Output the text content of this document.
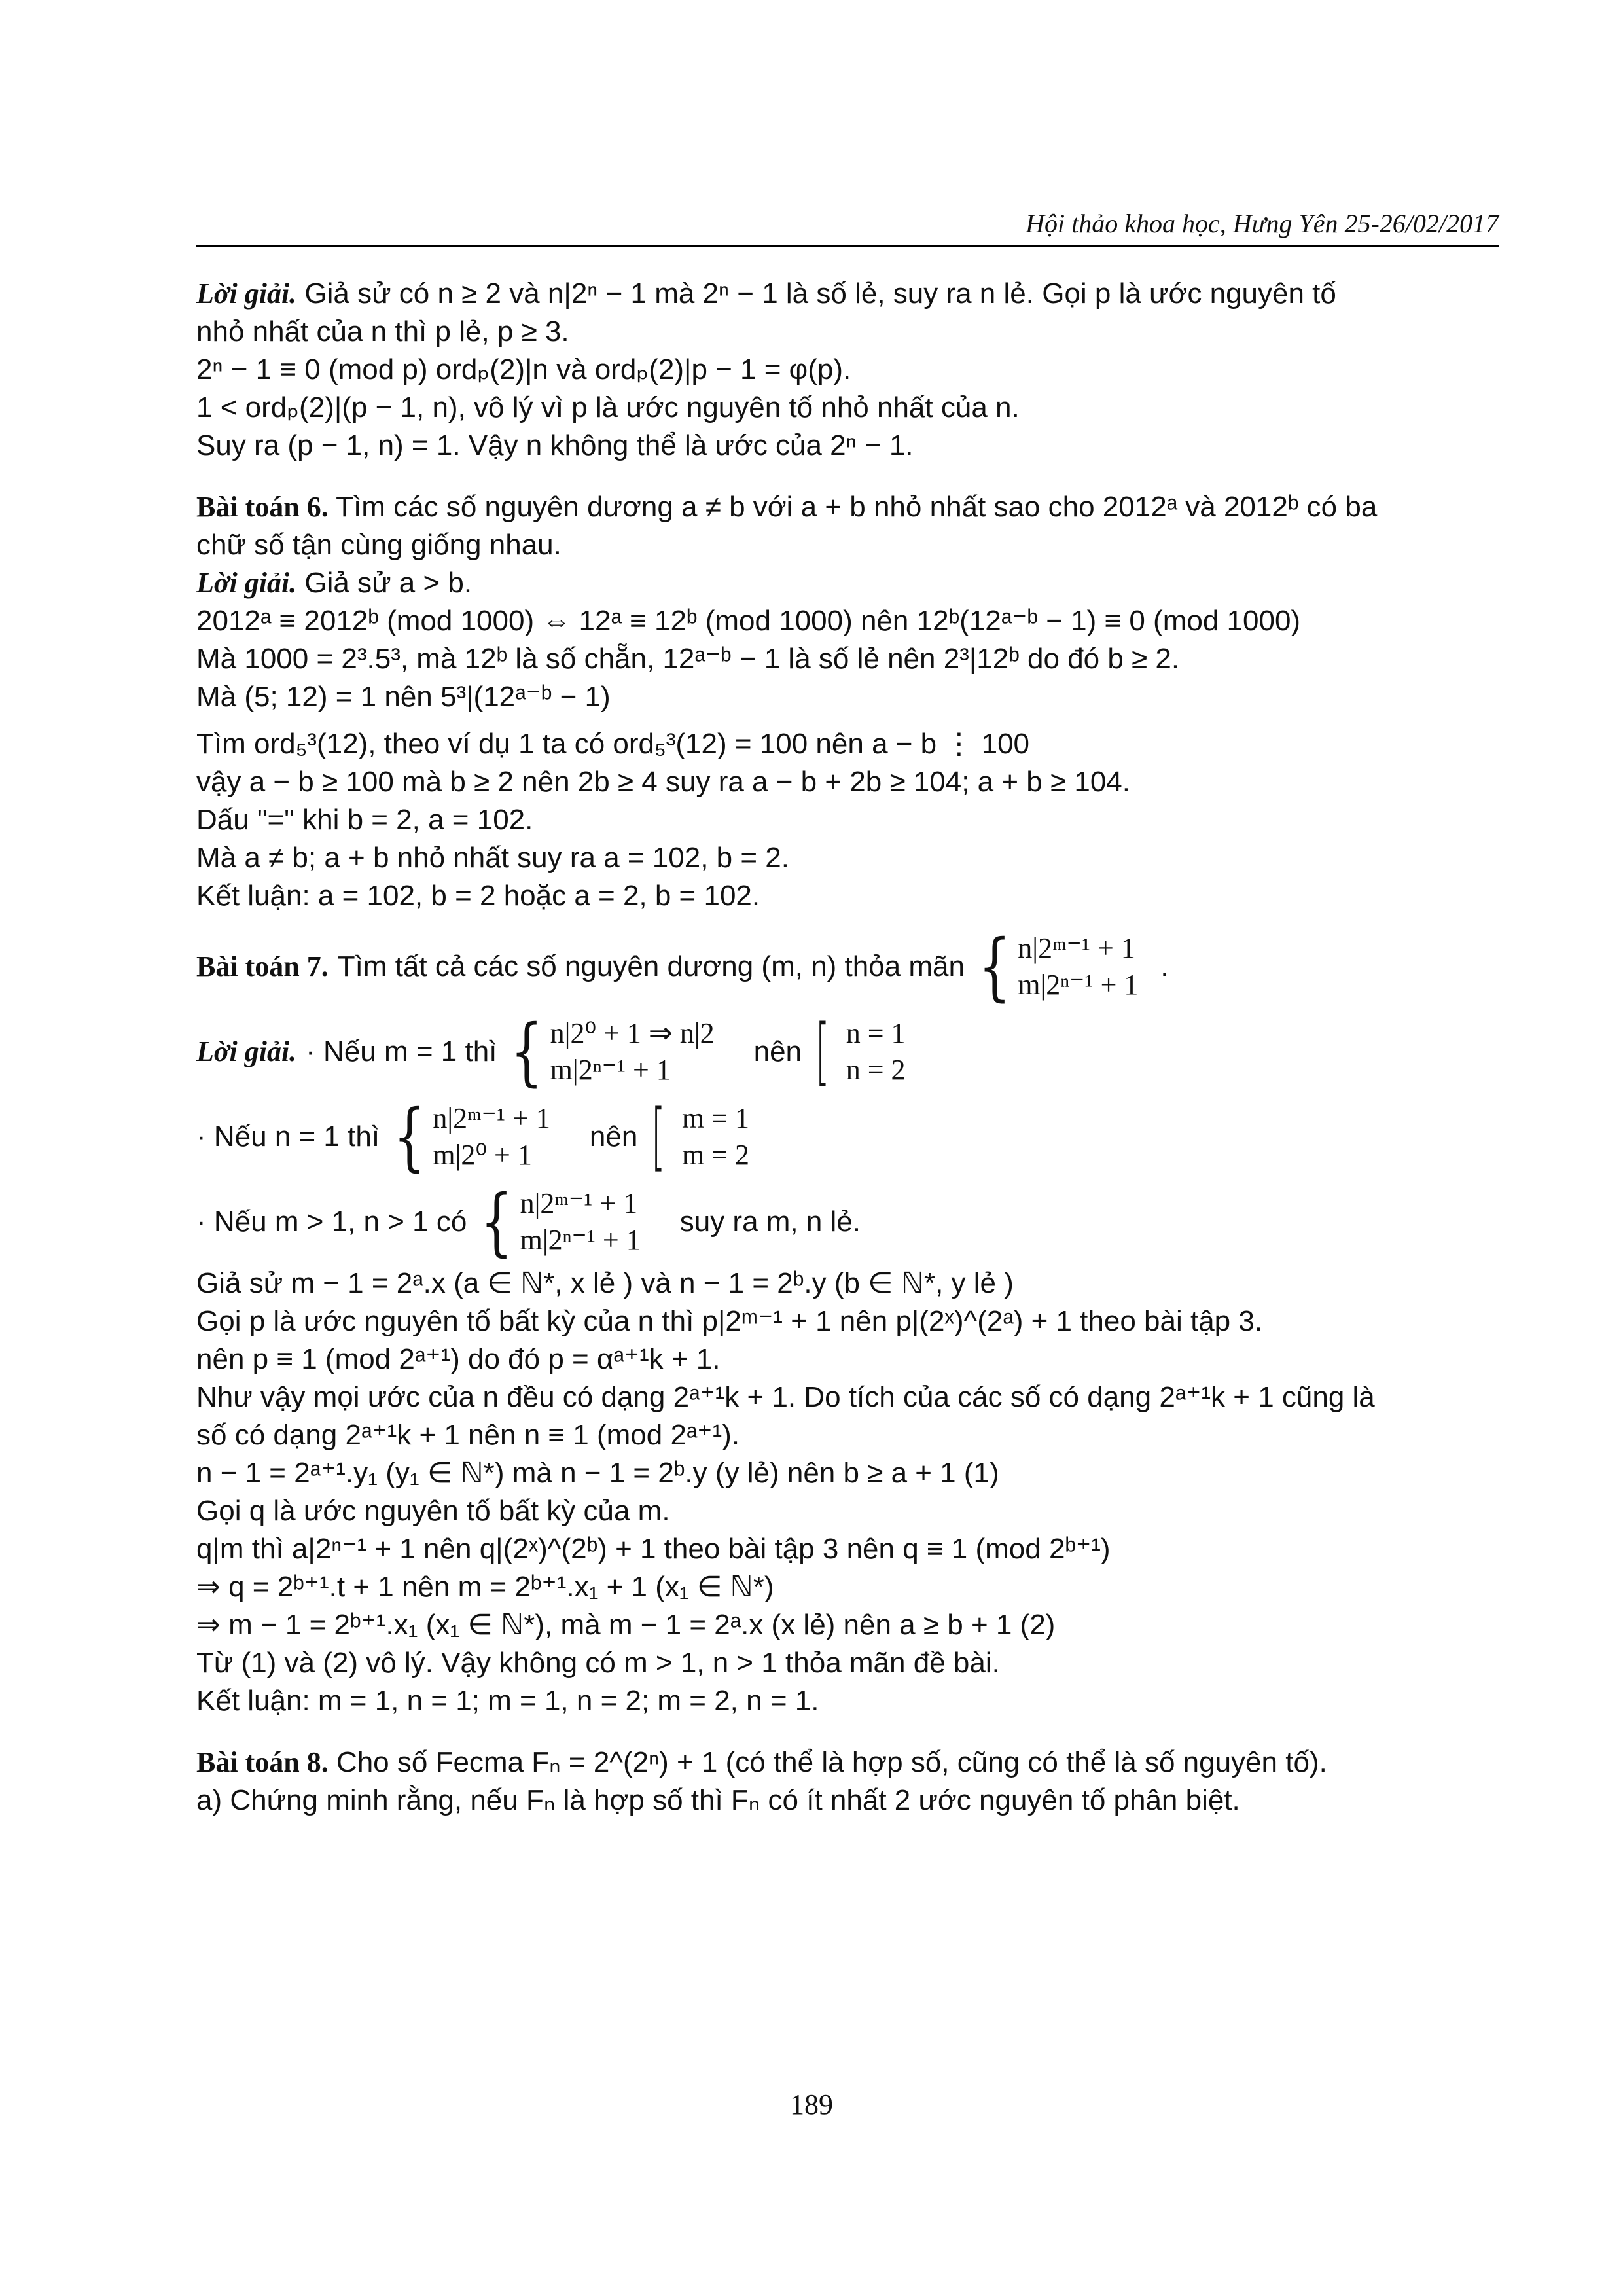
Hội thảo khoa học, Hưng Yên 25-26/02/2017
Lời giải. Giả sử có n ≥ 2 và n|2ⁿ − 1 mà 2ⁿ − 1 là số lẻ, suy ra n lẻ. Gọi p là ước nguyên tố
nhỏ nhất của n thì p lẻ, p ≥ 3.
2ⁿ − 1 ≡ 0 (mod p) ordₚ(2)|n và ordₚ(2)|p − 1 = φ(p).
1 < ordₚ(2)|(p − 1, n), vô lý vì p là ước nguyên tố nhỏ nhất của n.
Suy ra (p − 1, n) = 1. Vậy n không thể là ước của 2ⁿ − 1.
Bài toán 6. Tìm các số nguyên dương a ≠ b với a + b nhỏ nhất sao cho 2012ᵃ và 2012ᵇ có ba
chữ số tận cùng giống nhau.
Lời giải. Giả sử a > b.
2012ᵃ ≡ 2012ᵇ (mod 1000) ⇔ 12ᵃ ≡ 12ᵇ (mod 1000) nên 12ᵇ(12ᵃ⁻ᵇ − 1) ≡ 0 (mod 1000)
Mà 1000 = 2³.5³, mà 12ᵇ là số chẵn, 12ᵃ⁻ᵇ − 1 là số lẻ nên 2³|12ᵇ do đó b ≥ 2.
Mà (5; 12) = 1 nên 5³|(12ᵃ⁻ᵇ − 1)
Tìm ord₅³(12), theo ví dụ 1 ta có ord₅³(12) = 100 nên a − b ⋮ 100
vậy a − b ≥ 100 mà b ≥ 2 nên 2b ≥ 4 suy ra a − b + 2b ≥ 104; a + b ≥ 104.
Dấu "=" khi b = 2, a = 102.
Mà a ≠ b; a + b nhỏ nhất suy ra a = 102, b = 2.
Kết luận: a = 102, b = 2 hoặc a = 2, b = 102.
Bài toán 7. Tìm tất cả các số nguyên dương (m, n) thỏa mãn { n|2ᵐ⁻¹ + 1
m|2ⁿ⁻¹ + 1
.
Lời giải. · Nếu m = 1 thì { n|2⁰ + 1 ⇒ n|2
m|2ⁿ⁻¹ + 1
nên [ n = 1
n = 2
· Nếu n = 1 thì { n|2ᵐ⁻¹ + 1
m|2⁰ + 1
nên [ m = 1
m = 2
· Nếu m > 1, n > 1 có { n|2ᵐ⁻¹ + 1
m|2ⁿ⁻¹ + 1
suy ra m, n lẻ.
Giả sử m − 1 = 2ᵃ.x (a ∈ ℕ*, x lẻ ) và n − 1 = 2ᵇ.y (b ∈ ℕ*, y lẻ )
Gọi p là ước nguyên tố bất kỳ của n thì p|2ᵐ⁻¹ + 1 nên p|(2ˣ)^(2ᵃ) + 1 theo bài tập 3.
nên p ≡ 1 (mod 2ᵃ⁺¹) do đó p = αᵃ⁺¹k + 1.
Như vậy mọi ước của n đều có dạng 2ᵃ⁺¹k + 1. Do tích của các số có dạng 2ᵃ⁺¹k + 1 cũng là
số có dạng 2ᵃ⁺¹k + 1 nên n ≡ 1 (mod 2ᵃ⁺¹).
n − 1 = 2ᵃ⁺¹.y₁ (y₁ ∈ ℕ*) mà n − 1 = 2ᵇ.y (y lẻ) nên b ≥ a + 1 (1)
Gọi q là ước nguyên tố bất kỳ của m.
q|m thì a|2ⁿ⁻¹ + 1 nên q|(2ˣ)^(2ᵇ) + 1 theo bài tập 3 nên q ≡ 1 (mod 2ᵇ⁺¹)
⇒ q = 2ᵇ⁺¹.t + 1 nên m = 2ᵇ⁺¹.x₁ + 1 (x₁ ∈ ℕ*)
⇒ m − 1 = 2ᵇ⁺¹.x₁ (x₁ ∈ ℕ*), mà m − 1 = 2ᵃ.x (x lẻ) nên a ≥ b + 1 (2)
Từ (1) và (2) vô lý. Vậy không có m > 1, n > 1 thỏa mãn đề bài.
Kết luận: m = 1, n = 1; m = 1, n = 2; m = 2, n = 1.
Bài toán 8. Cho số Fecma Fₙ = 2^(2ⁿ) + 1 (có thể là hợp số, cũng có thể là số nguyên tố).
a) Chứng minh rằng, nếu Fₙ là hợp số thì Fₙ có ít nhất 2 ước nguyên tố phân biệt.
189
